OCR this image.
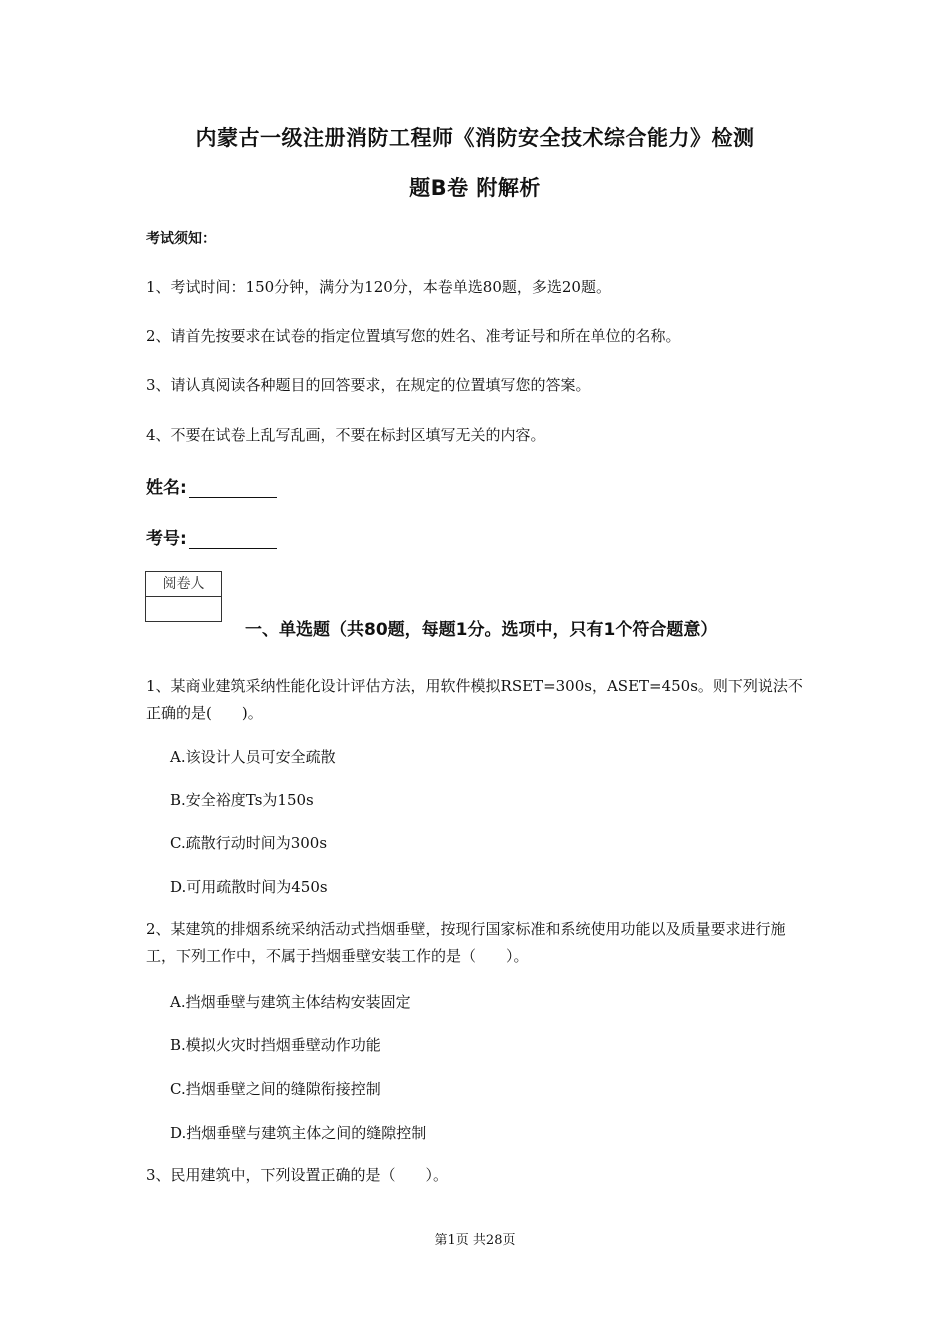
内蒙古一级注册消防工程师《消防安全技术综合能力》检测
题B卷 附解析
考试须知：
1、考试时间：150分钟，满分为120分，本卷单选80题，多选20题。
2、请首先按要求在试卷的指定位置填写您的姓名、准考证号和所在单位的名称。
3、请认真阅读各种题目的回答要求，在规定的位置填写您的答案。
4、不要在试卷上乱写乱画，不要在标封区填写无关的内容。
姓名:
考号:
阅卷人
一、单选题（共80题，每题1分。选项中，只有1个符合题意）
1、某商业建筑采纳性能化设计评估方法，用软件模拟RSET=300s，ASET=450s。则下列说法不正确的是(　　)。
A.该设计人员可安全疏散
B.安全裕度Ts为150s
C.疏散行动时间为300s
D.可用疏散时间为450s
2、某建筑的排烟系统采纳活动式挡烟垂壁，按现行国家标准和系统使用功能以及质量要求进行施工，下列工作中，不属于挡烟垂壁安装工作的是（　　）。
A.挡烟垂壁与建筑主体结构安装固定
B.模拟火灾时挡烟垂壁动作功能
C.挡烟垂壁之间的缝隙衔接控制
D.挡烟垂壁与建筑主体之间的缝隙控制
3、民用建筑中，下列设置正确的是（　　）。
第1页 共28页
